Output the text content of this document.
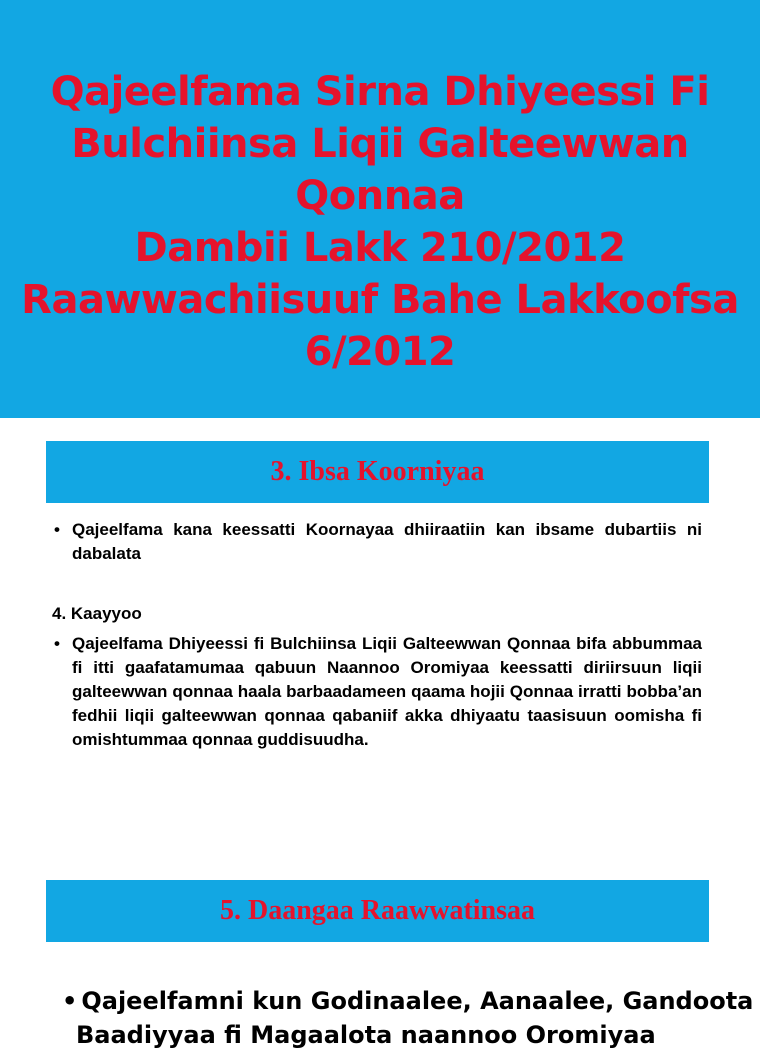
Qajeelfama Sirna Dhiyeessi Fi
Bulchiinsa Liqii Galteewwan Qonnaa
Dambii Lakk 210/2012
Raawwachiisuuf Bahe Lakkoofsa
6/2012
3. Ibsa Koorniyaa

• Qajeelfama kana keessatti Koornayaa dhiiraatiin kan ibsame dubartiis ni dabalata

4. Kaayyoo

• Qajeelfama Dhiyeessi fi Bulchiinsa Liqii Galteewwan Qonnaa bifa abbummaa fi itti gaafatamumaa qabuun Naannoo Oromiyaa keessatti diriirsuun liqii galteewwan qonnaa haala barbaadameen qaama hojii Qonnaa irratti bobba’an fedhii liqii galteewwan qonnaa qabaniif akka dhiyaatu taasisuun oomisha fi omishtummaa qonnaa guddisuudha.

5. Daangaa Raawwatinsaa
• Qajeelfamni kun Godinaalee, Aanaalee, Gandoota
Baadiyyaa fi Magaalota naannoo Oromiyaa
